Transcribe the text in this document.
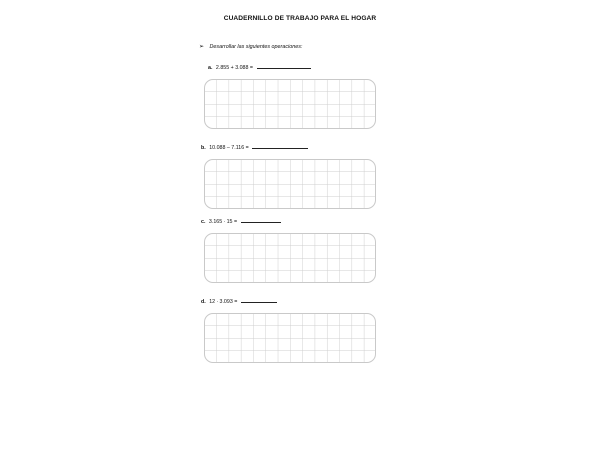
CUADERNILLO DE TRABAJO PARA EL HOGAR
➢ Desarrollar las siguientes operaciones:
a. 2.855 + 3.088 =
b. 10.088 – 7.116 =
c. 3.165 ∙ 15 =
d. 12 ∙ 3.093 =
